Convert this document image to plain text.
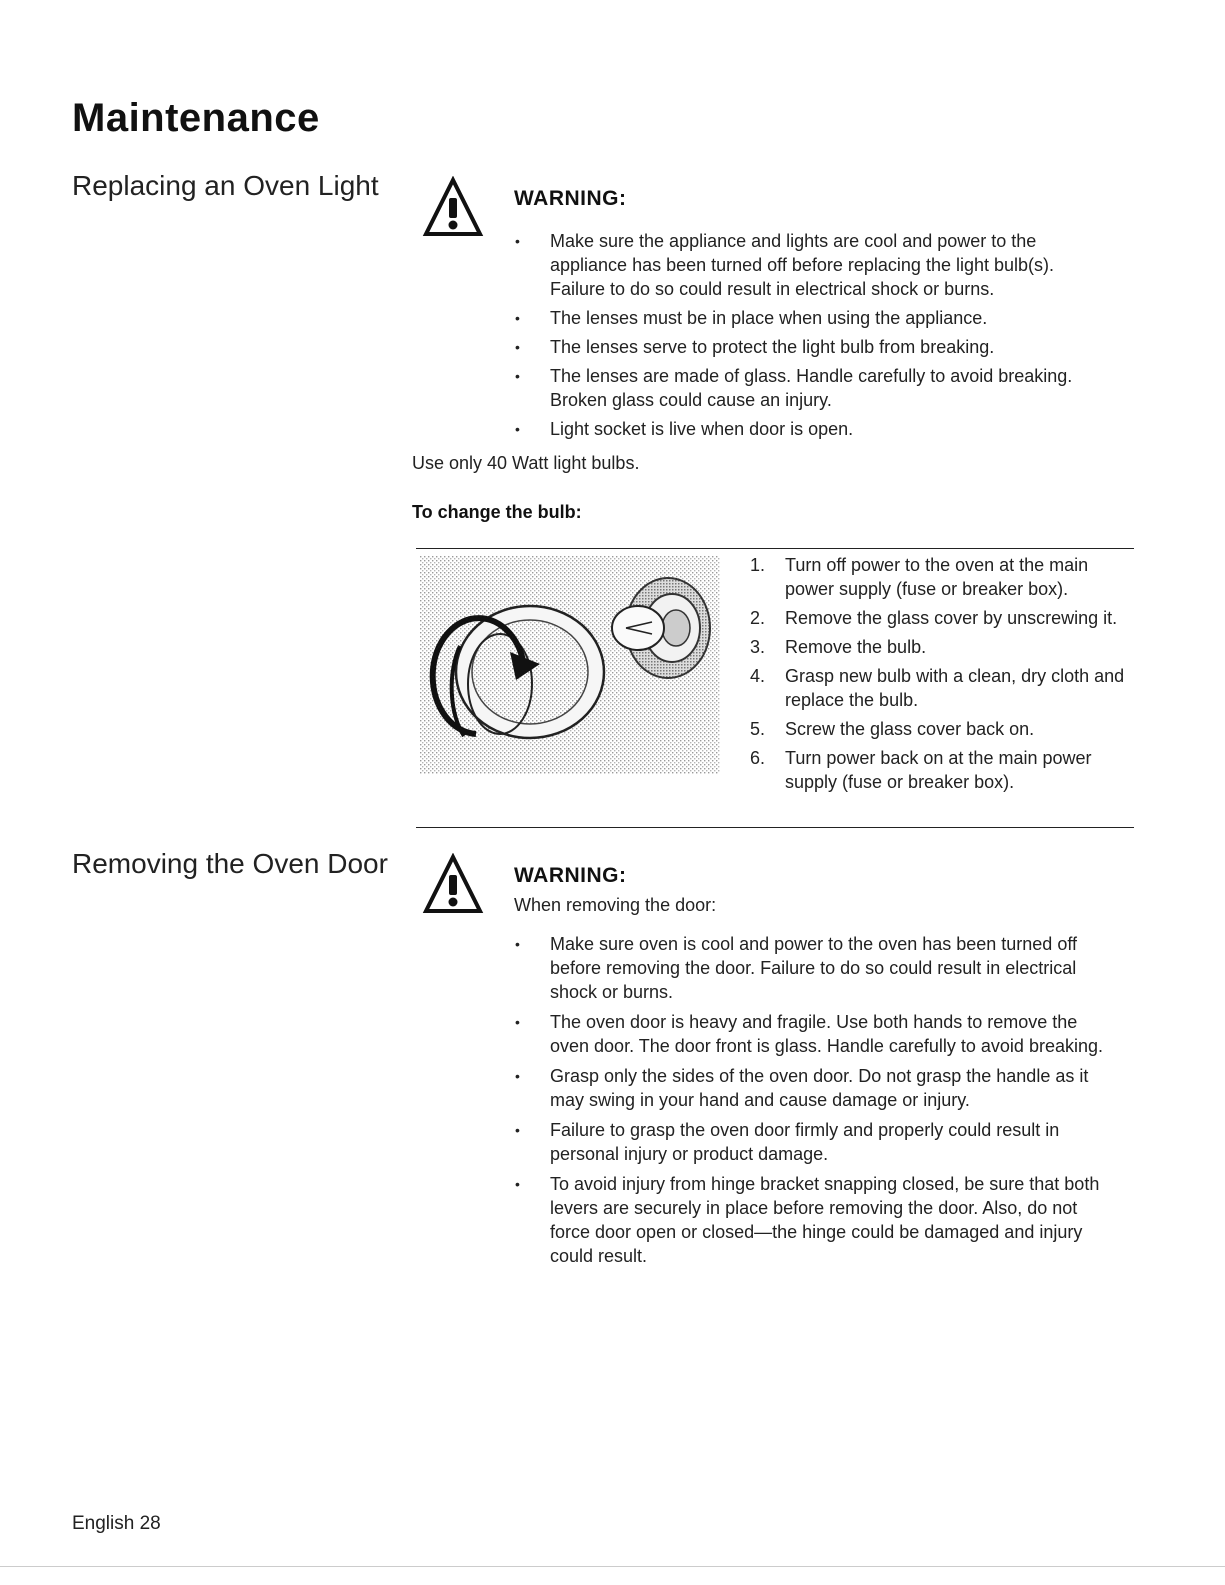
Maintenance
Replacing an Oven Light	WARNING:
• Make sure the appliance and lights are cool and power to the appliance has been turned off before replacing the light bulb(s). Failure to do so could result in electrical shock or burns.
• The lenses must be in place when using the appliance.
• The lenses serve to protect the light bulb from breaking.
• The lenses are made of glass. Handle carefully to avoid breaking. Broken glass could cause an injury.
• Light socket is live when door is open.
Use only 40 Watt light bulbs.
To change the bulb:
1. Turn off power to the oven at the main power supply (fuse or breaker box).
2. Remove the glass cover by unscrewing it.
3. Remove the bulb.
4. Grasp new bulb with a clean, dry cloth and replace the bulb.
5. Screw the glass cover back on.
6. Turn power back on at the main power supply (fuse or breaker box).
Removing the Oven Door	WARNING:
When removing the door:
• Make sure oven is cool and power to the oven has been turned off before removing the door. Failure to do so could result in electrical shock or burns.
• The oven door is heavy and fragile. Use both hands to remove the oven door. The door front is glass. Handle carefully to avoid breaking.
• Grasp only the sides of the oven door. Do not grasp the handle as it may swing in your hand and cause damage or injury.
• Failure to grasp the oven door firmly and properly could result in personal injury or product damage.
• To avoid injury from hinge bracket snapping closed, be sure that both levers are securely in place before removing the door. Also, do not force door open or closed—the hinge could be damaged and injury could result.
English 28
